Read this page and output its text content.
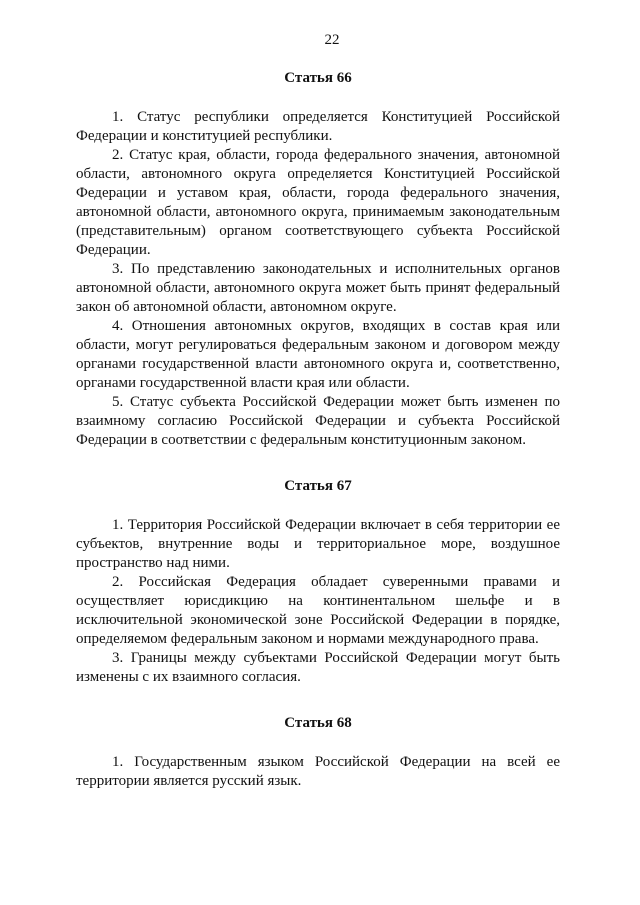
22
Статья 66

1. Статус республики определяется Конституцией Российской Федерации и конституцией республики.

2. Статус края, области, города федерального значения, автономной области, автономного округа определяется Конституцией Российской Федерации и уставом края, области, города федерального значения, автономной области, автономного округа, принимаемым законодательным (представительным) органом соответствующего субъекта Российской Федерации.

3. По представлению законодательных и исполнительных органов автономной области, автономного округа может быть принят федеральный закон об автономной области, автономном округе.

4. Отношения автономных округов, входящих в состав края или области, могут регулироваться федеральным законом и договором между органами государственной власти автономного округа и, соответственно, органами государственной власти края или области.

5. Статус субъекта Российской Федерации может быть изменен по взаимному согласию Российской Федерации и субъекта Российской Федерации в соответствии с федеральным конституционным законом.

Статья 67

1. Территория Российской Федерации включает в себя территории ее субъектов, внутренние воды и территориальное море, воздушное пространство над ними.

2. Российская Федерация обладает суверенными правами и осуществляет юрисдикцию на континентальном шельфе и в исключительной экономической зоне Российской Федерации в порядке, определяемом федеральным законом и нормами международного права.

3. Границы между субъектами Российской Федерации могут быть изменены с их взаимного согласия.

Статья 68

1. Государственным языком Российской Федерации на всей ее территории является русский язык.
